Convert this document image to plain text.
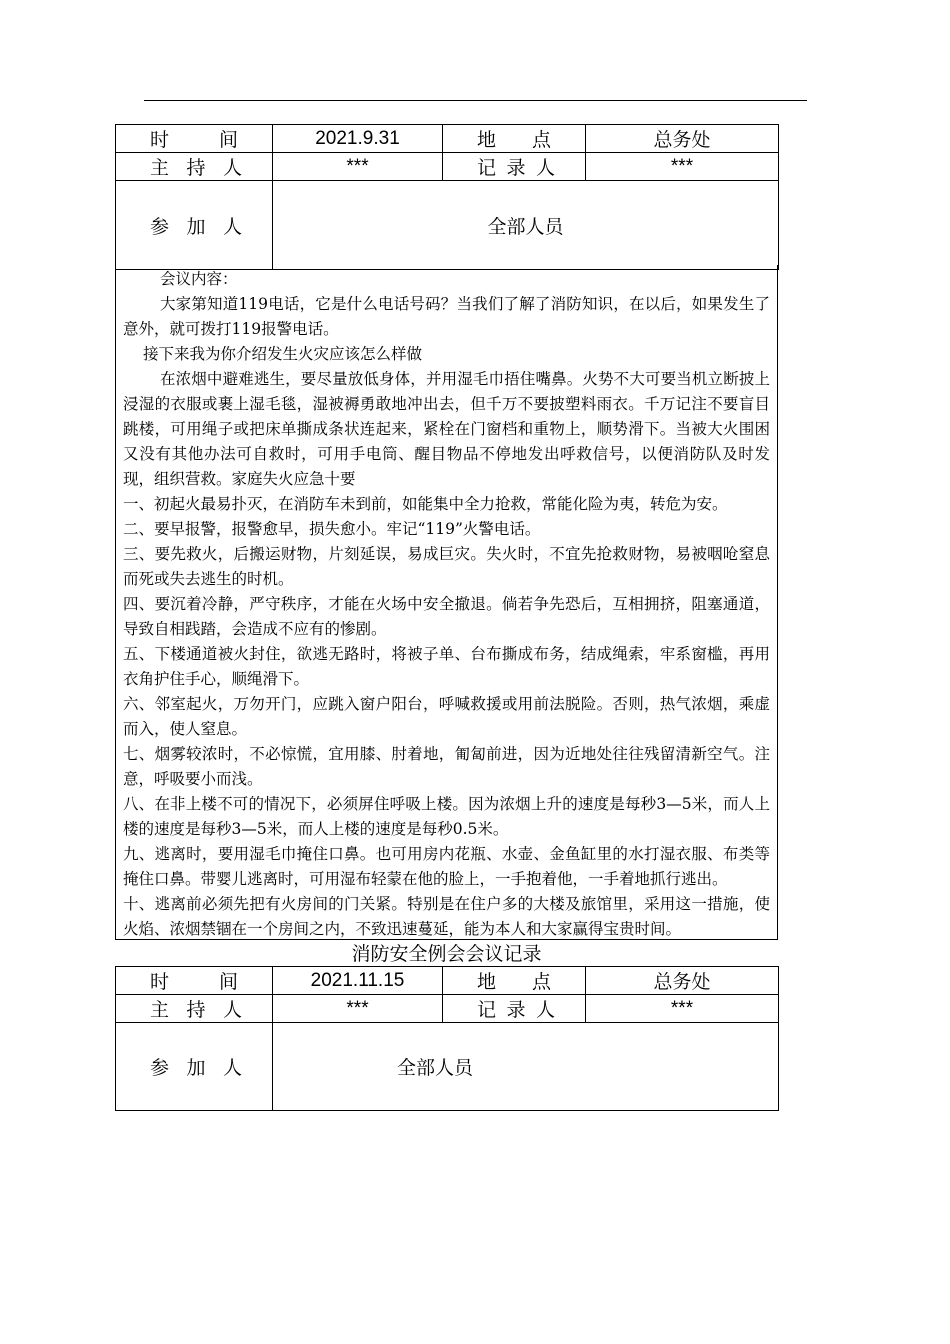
时 间	2021.9.31	地 点	总务处

主 持 人	***	记 录 人	***

参 加 人	全部人员		

会议内容：

大家第知道119电话，它是什么电话号码？当我们了解了消防知识，在以后，如果发生了意外，就可拨打119报警电话。

接下来我为你介绍发生火灾应该怎么样做

在浓烟中避难逃生，要尽量放低身体，并用湿毛巾捂住嘴鼻。火势不大可要当机立断披上浸湿的衣服或裹上湿毛毯，湿被褥勇敢地冲出去，但千万不要披塑料雨衣。千万记注不要盲目跳楼，可用绳子或把床单撕成条状连起来，紧栓在门窗档和重物上，顺势滑下。当被大火围困又没有其他办法可自救时，可用手电筒、醒目物品不停地发出呼救信号，以便消防队及时发现，组织营救。家庭失火应急十要

一、初起火最易扑灭，在消防车未到前，如能集中全力抢救，常能化险为夷，转危为安。

二、要早报警，报警愈早，损失愈小。牢记“119”火警电话。

三、要先救火，后搬运财物，片刻延误，易成巨灾。失火时，不宜先抢救财物，易被咽呛窒息而死或失去逃生的时机。

四、要沉着冷静，严守秩序，才能在火场中安全撤退。倘若争先恐后，互相拥挤，阻塞通道，导致自相践踏，会造成不应有的惨剧。

五、下楼通道被火封住，欲逃无路时，将被子单、台布撕成布务，结成绳索，牢系窗槛，再用衣角护住手心，顺绳滑下。

六、邻室起火，万勿开门，应跳入窗户阳台，呼喊救援或用前法脱险。否则，热气浓烟，乘虚而入，使人窒息。

七、烟雾较浓时，不必惊慌，宜用膝、肘着地，匍匐前进，因为近地处往往残留清新空气。注意，呼吸要小而浅。

八、在非上楼不可的情况下，必须屏住呼吸上楼。因为浓烟上升的速度是每秒3—5米，而人上楼的速度是每秒3—5米，而人上楼的速度是每秒0.5米。

九、逃离时，要用湿毛巾掩住口鼻。也可用房内花瓶、水壶、金鱼缸里的水打湿衣服、布类等掩住口鼻。带婴儿逃离时，可用湿布轻蒙在他的脸上，一手抱着他，一手着地抓行逃出。

十、逃离前必须先把有火房间的门关紧。特别是在住户多的大楼及旅馆里，采用这一措施，使火焰、浓烟禁锢在一个房间之内，不致迅速蔓延，能为本人和大家赢得宝贵时间。

消防安全例会会议记录
时 间	2021.11.15	地 点	总务处

主 持 人	***	记 录 人	***

参 加 人	全部人员		
